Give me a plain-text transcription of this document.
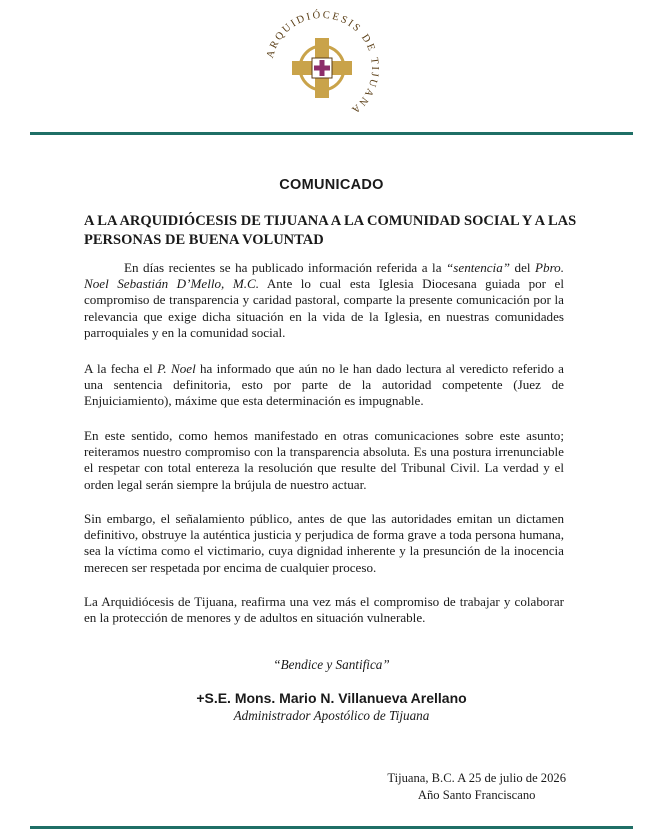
ARQUIDIÓCESIS DE TIJUANA
COMUNICADO
A LA ARQUIDIÓCESIS DE TIJUANA A LA COMUNIDAD SOCIAL Y A LAS PERSONAS DE BUENA VOLUNTAD
En días recientes se ha publicado información referida a la “sentencia” del Pbro. Noel Sebastián D’Mello, M.C. Ante lo cual esta Iglesia Diocesana guiada por el compromiso de transparencia y caridad pastoral, comparte la presente comunicación por la relevancia que exige dicha situación en la vida de la Iglesia, en nuestras comunidades parroquiales y en la comunidad social.
A la fecha el P. Noel ha informado que aún no le han dado lectura al veredicto referido a una sentencia definitoria, esto por parte de la autoridad competente (Juez de Enjuiciamiento), máxime que esta determinación es impugnable.
En este sentido, como hemos manifestado en otras comunicaciones sobre este asunto; reiteramos nuestro compromiso con la transparencia absoluta. Es una postura irrenunciable el respetar con total entereza la resolución que resulte del Tribunal Civil. La verdad y el orden legal serán siempre la brújula de nuestro actuar.
Sin embargo, el señalamiento público, antes de que las autoridades emitan un dictamen definitivo, obstruye la auténtica justicia y perjudica de forma grave a toda persona humana, sea la víctima como el victimario, cuya dignidad inherente y la presunción de la inocencia merecen ser respetada por encima de cualquier proceso.
La Arquidiócesis de Tijuana, reafirma una vez más el compromiso de trabajar y colaborar en la protección de menores y de adultos en situación vulnerable.
“Bendice y Santifica”
+S.E. Mons. Mario N. Villanueva Arellano
Administrador Apostólico de Tijuana
Tijuana, B.C. A 25 de julio de 2026
Año Santo Franciscano
